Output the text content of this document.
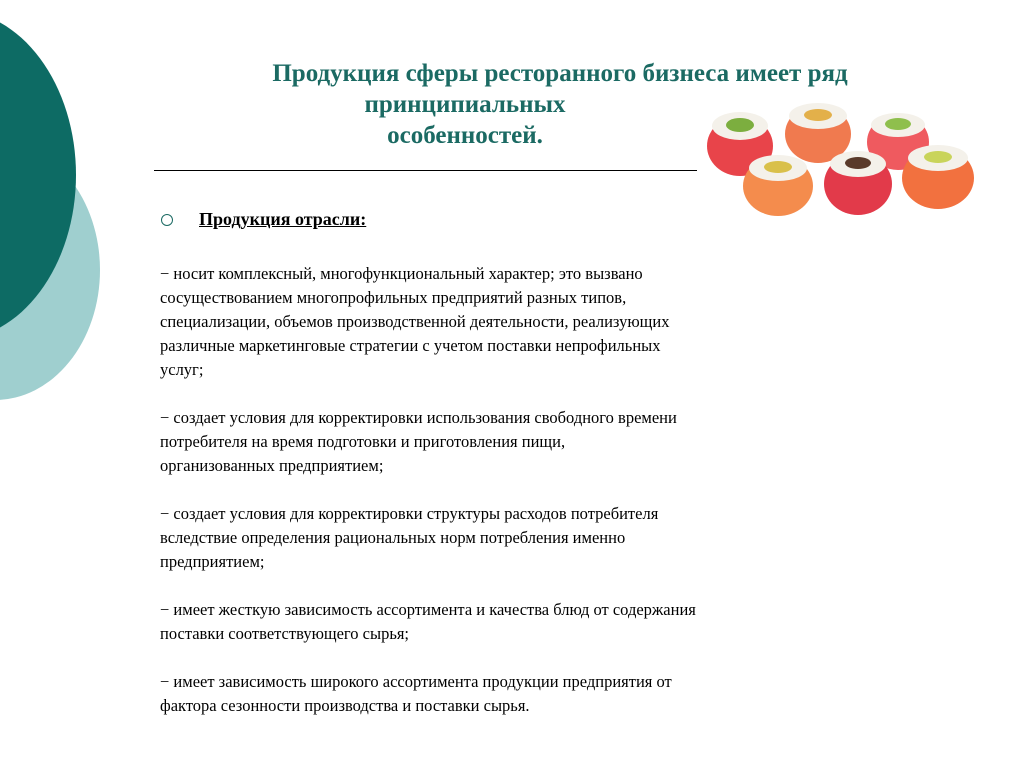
Продукция сферы ресторанного бизнеса имеет ряд
принципиальных
особенностей.
Продукция отрасли:
− носит комплексный, многофункциональный характер; это вызвано
сосуществованием многопрофильных предприятий разных типов,
специализации, объемов производственной деятельности, реализующих
различные маркетинговые стратегии с учетом поставки непрофильных
услуг;
− создает условия для корректировки использования свободного времени
потребителя на время подготовки и приготовления пищи,
организованных предприятием;
− создает условия для корректировки структуры расходов потребителя
вследствие определения рациональных норм потребления именно
предприятием;
− имеет жесткую зависимость ассортимента и качества блюд от содержания
поставки соответствующего сырья;
− имеет зависимость широкого ассортимента продукции предприятия от
фактора сезонности производства и поставки сырья.
